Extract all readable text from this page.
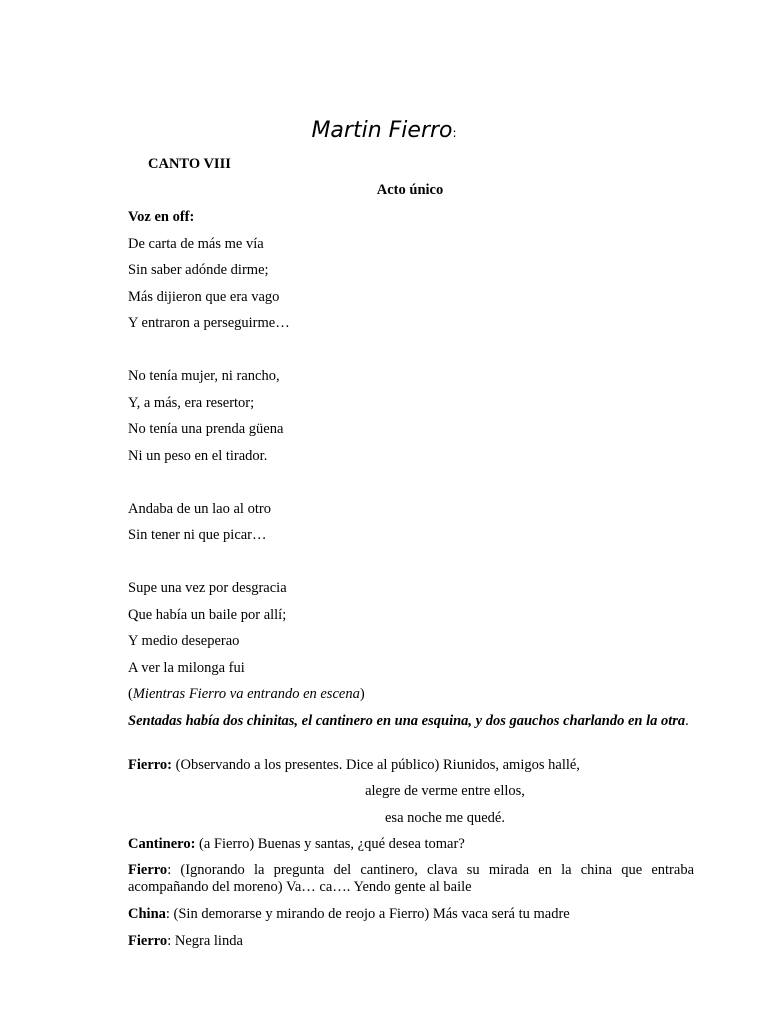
Martin Fierro:
CANTO VIII
Acto único
Voz en off:
De carta de más me vía
Sin saber adónde dirme;
Más dijieron que era vago
Y entraron a perseguirme…
No tenía mujer, ni rancho,
Y, a más, era resertor;
No tenía una prenda güena
Ni un peso en el tirador.
Andaba de un lao al otro
Sin tener ni que picar…
Supe una vez por desgracia
Que había un baile por allí;
Y medio deseperao
A ver la milonga fui
(Mientras Fierro va entrando en escena)
Sentadas había dos chinitas, el cantinero en una esquina, y dos gauchos charlando en la otra.
Fierro: (Observando a los presentes. Dice al público) Riunidos, amigos hallé,
alegre de verme entre ellos,
esa noche me quedé.
Cantinero: (a Fierro) Buenas y santas, ¿qué desea tomar?
Fierro: (Ignorando la pregunta del cantinero, clava su mirada en la china que entraba acompañando del moreno) Va… ca…. Yendo gente al baile
China: (Sin demorarse y mirando de reojo a Fierro) Más vaca será tu madre
Fierro: Negra linda
